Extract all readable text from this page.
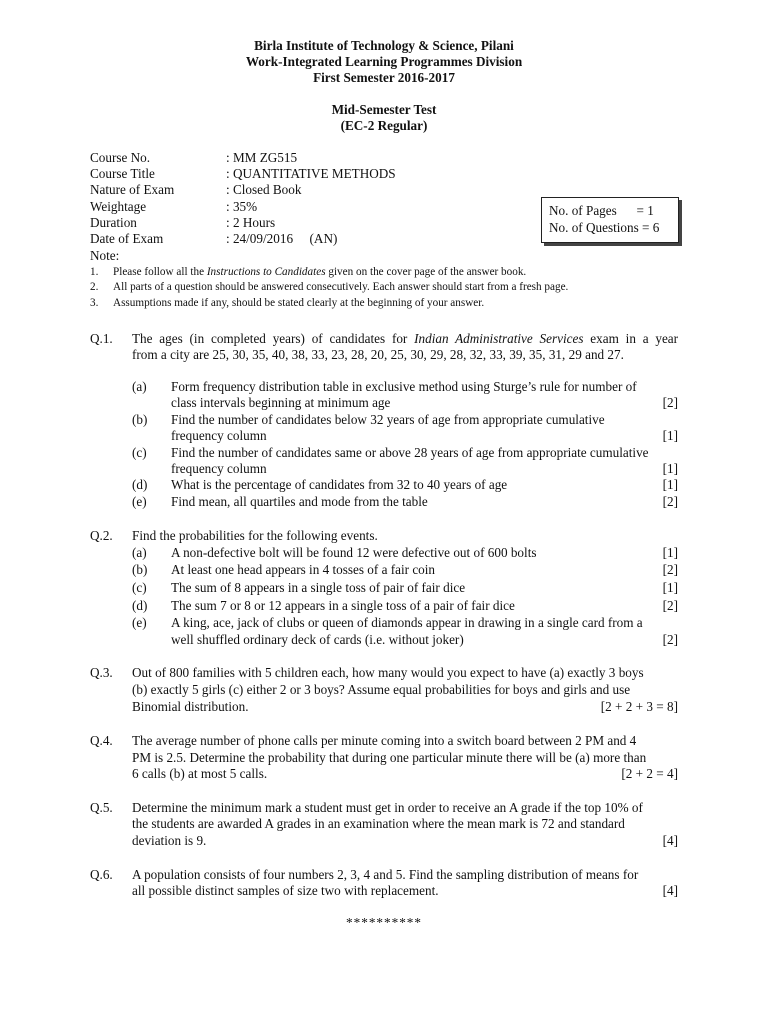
Birla Institute of Technology & Science, Pilani
Work-Integrated Learning Programmes Division
First Semester 2016-2017
Mid-Semester Test
(EC-2 Regular)
Course No.	: MM ZG515
Course Title	: QUANTITATIVE METHODS
Nature of Exam	: Closed Book
Weightage	: 35%
Duration	: 2 Hours
Date of Exam	: 24/09/2016     (AN)
No. of Pages      = 1
No. of Questions = 6
Note:
1. Please follow all the Instructions to Candidates given on the cover page of the answer book.
2. All parts of a question should be answered consecutively. Each answer should start from a fresh page.
3. Assumptions made if any, should be stated clearly at the beginning of your answer.
Q.1. The ages (in completed years) of candidates for Indian Administrative Services exam in a year
from a city are 25, 30, 35, 40, 38, 33, 23, 28, 20, 25, 30, 29, 28, 32, 33, 39, 35, 31, 29 and 27.
(a) Form frequency distribution table in exclusive method using Sturge’s rule for number of
class intervals beginning at minimum age	[2]
(b) Find the number of candidates below 32 years of age from appropriate cumulative
frequency column	[1]
(c) Find the number of candidates same or above 28 years of age from appropriate cumulative
frequency column	[1]
(d) What is the percentage of candidates from 32 to 40 years of age	[1]
(e) Find mean, all quartiles and mode from the table	[2]
Q.2. Find the probabilities for the following events.
(a) A non-defective bolt will be found 12 were defective out of 600 bolts	[1]
(b) At least one head appears in 4 tosses of a fair coin	[2]
(c) The sum of 8 appears in a single toss of pair of fair dice	[1]
(d) The sum 7 or 8 or 12 appears in a single toss of a pair of fair dice	[2]
(e) A king, ace, jack of clubs or queen of diamonds appear in drawing in a single card from a
well shuffled ordinary deck of cards (i.e. without joker)	[2]
Q.3. Out of 800 families with 5 children each, how many would you expect to have (a) exactly 3 boys
(b) exactly 5 girls (c) either 2 or 3 boys? Assume equal probabilities for boys and girls and use
Binomial distribution.	[2 + 2 + 3 = 8]
Q.4. The average number of phone calls per minute coming into a switch board between 2 PM and 4
PM is 2.5. Determine the probability that during one particular minute there will be (a) more than
6 calls (b) at most 5 calls.	[2 + 2 = 4]
Q.5. Determine the minimum mark a student must get in order to receive an A grade if the top 10% of
the students are awarded A grades in an examination where the mean mark is 72 and standard
deviation is 9.	[4]
Q.6. A population consists of four numbers 2, 3, 4 and 5. Find the sampling distribution of means for
all possible distinct samples of size two with replacement.	[4]
**********
